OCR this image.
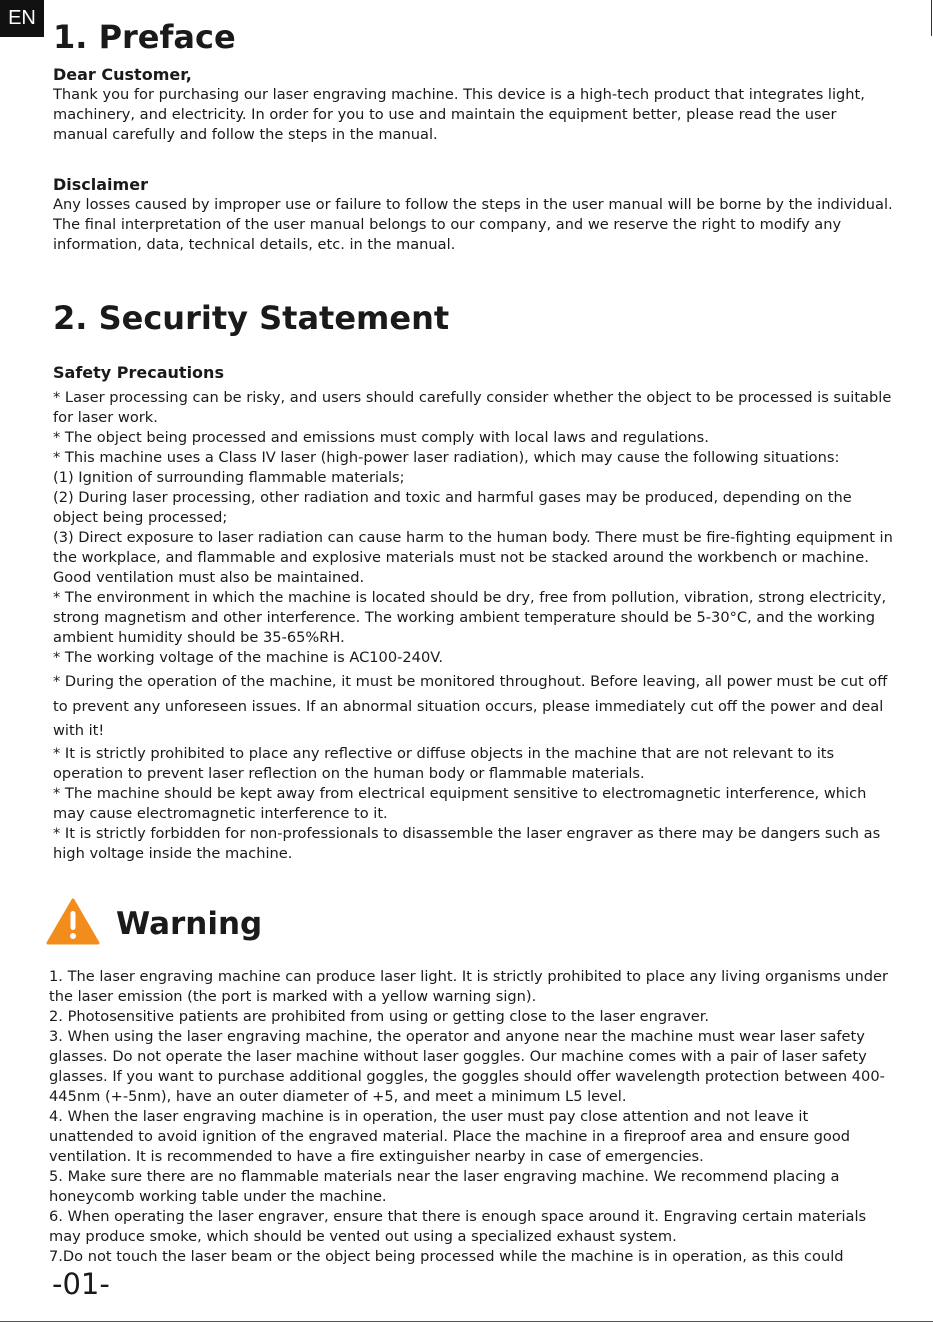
EN 1. Preface
Dear Customer,

Thank you for purchasing our laser engraving machine. This device is a high-tech product that integrates light, machinery, and electricity. In order for you to use and maintain the equipment better, please read the user manual carefully and follow the steps in the manual.

Disclaimer

Any losses caused by improper use or failure to follow the steps in the user manual will be borne by the individual. The final interpretation of the user manual belongs to our company, and we reserve the right to modify any information, data, technical details, etc. in the manual.

2. Security Statement
Safety Precautions

* Laser processing can be risky, and users should carefully consider whether the object to be processed is suitable for laser work.

* The object being processed and emissions must comply with local laws and regulations.

* This machine uses a Class IV laser (high-power laser radiation), which may cause the following situations:

(1) Ignition of surrounding flammable materials;

(2) During laser processing, other radiation and toxic and harmful gases may be produced, depending on the object being processed;

(3) Direct exposure to laser radiation can cause harm to the human body. There must be fire-fighting equipment in the workplace, and flammable and explosive materials must not be stacked around the workbench or machine. Good ventilation must also be maintained.

* The environment in which the machine is located should be dry, free from pollution, vibration, strong electricity, strong magnetism and other interference. The working ambient temperature should be 5-30°C, and the working ambient humidity should be 35-65%RH.

* The working voltage of the machine is AC100-240V.

* During the operation of the machine, it must be monitored throughout. Before leaving, all power must be cut off to prevent any unforeseen issues. If an abnormal situation occurs, please immediately cut off the power and deal with it!

* It is strictly prohibited to place any reflective or diffuse objects in the machine that are not relevant to its operation to prevent laser reflection on the human body or flammable materials.

* The machine should be kept away from electrical equipment sensitive to electromagnetic interference, which may cause electromagnetic interference to it.

* It is strictly forbidden for non-professionals to disassemble the laser engraver as there may be dangers such as high voltage inside the machine.

Warning

1. The laser engraving machine can produce laser light. It is strictly prohibited to place any living organisms under the laser emission (the port is marked with a yellow warning sign).

2. Photosensitive patients are prohibited from using or getting close to the laser engraver.

3. When using the laser engraving machine, the operator and anyone near the machine must wear laser safety glasses. Do not operate the laser machine without laser goggles. Our machine comes with a pair of laser safety glasses. If you want to purchase additional goggles, the goggles should offer wavelength protection between 400-445nm (+-5nm), have an outer diameter of +5, and meet a minimum L5 level.

4. When the laser engraving machine is in operation, the user must pay close attention and not leave it unattended to avoid ignition of the engraved material. Place the machine in a fireproof area and ensure good ventilation. It is recommended to have a fire extinguisher nearby in case of emergencies.

5. Make sure there are no flammable materials near the laser engraving machine. We recommend placing a honeycomb working table under the machine.

6. When operating the laser engraver, ensure that there is enough space around it. Engraving certain materials may produce smoke, which should be vented out using a specialized exhaust system.

7.Do not touch the laser beam or the object being processed while the machine is in operation, as this could

-01-
